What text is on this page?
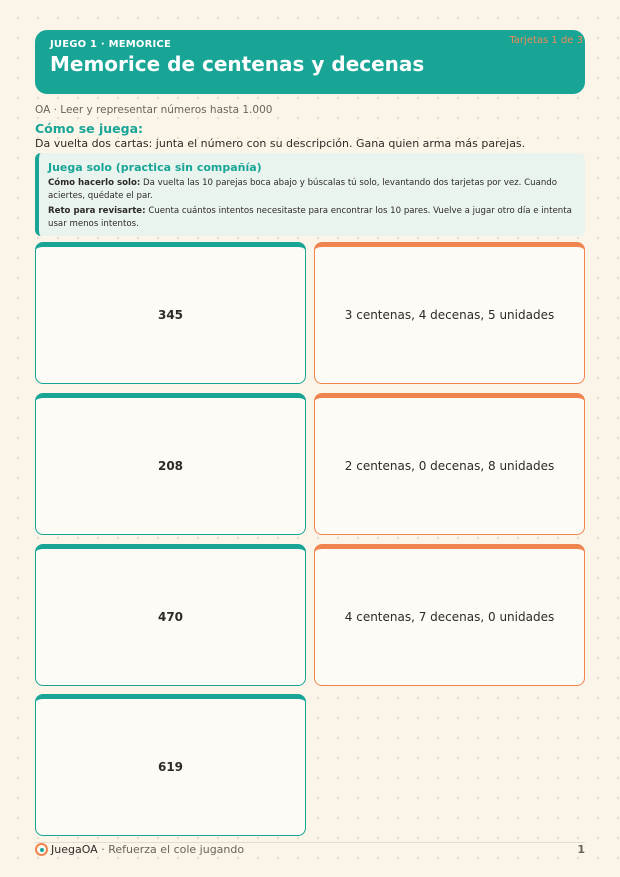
JUEGO 1 · MEMORICE
Memorice de centenas y decenas
Tarjetas 1 de 3
OA · Leer y representar números hasta 1.000
Cómo se juega:
Da vuelta dos cartas: junta el número con su descripción. Gana quien arma más parejas.
Juega solo (practica sin compañía)
Cómo hacerlo solo: Da vuelta las 10 parejas boca abajo y búscalas tú solo, levantando dos tarjetas por vez. Cuando aciertes, quédate el par.
Reto para revisarte: Cuenta cuántos intentos necesitaste para encontrar los 10 pares. Vuelve a jugar otro día e intenta usar menos intentos.
345	3 centenas, 4 decenas, 5 unidades
208	2 centenas, 0 decenas, 8 unidades
470	4 centenas, 7 decenas, 0 unidades
619
JuegaOA · Refuerza el cole jugando	1
